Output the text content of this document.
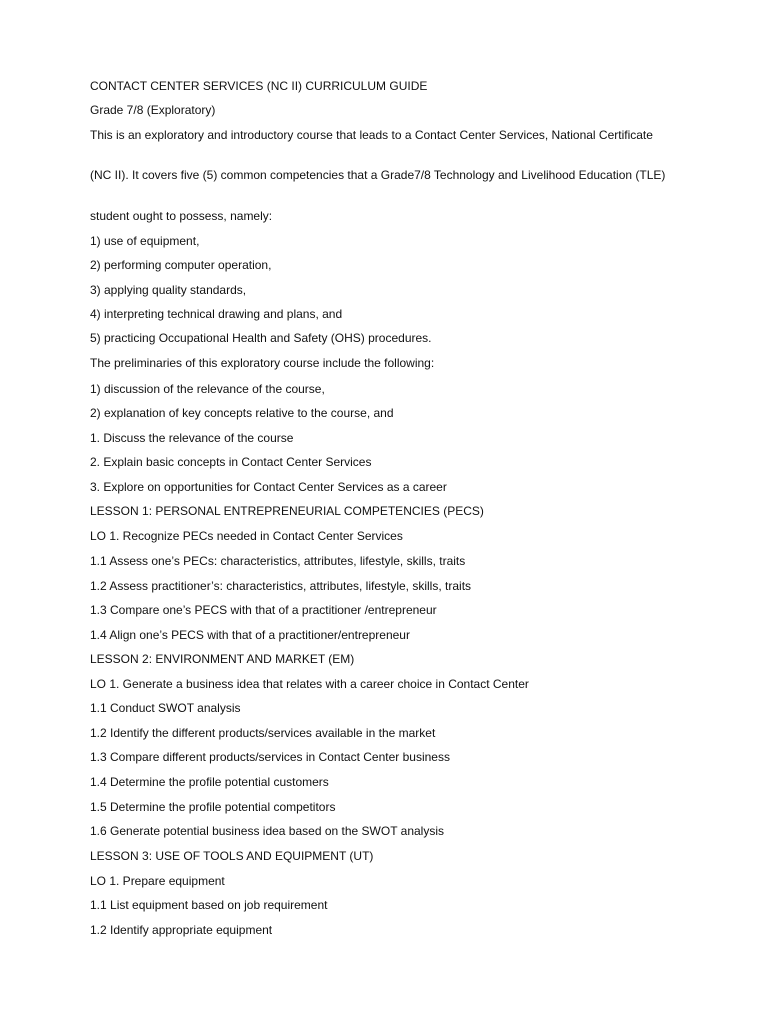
CONTACT CENTER SERVICES (NC II) CURRICULUM GUIDE

Grade 7/8 (Exploratory)

This is an exploratory and introductory course that leads to a Contact Center Services, National Certificate

(NC II). It covers five (5) common competencies that a Grade7/8 Technology and Livelihood Education (TLE)

student ought to possess, namely:

1) use of equipment,

2) performing computer operation,

3) applying quality standards,

4) interpreting technical drawing and plans, and

5) practicing Occupational Health and Safety (OHS) procedures.

The preliminaries of this exploratory course include the following:

1) discussion of the relevance of the course,

2) explanation of key concepts relative to the course, and

1. Discuss the relevance of the course

2. Explain basic concepts in Contact Center Services

3. Explore on opportunities for Contact Center Services as a career

LESSON 1: PERSONAL ENTREPRENEURIAL COMPETENCIES (PECS)

LO 1. Recognize PECs needed in Contact Center Services

1.1 Assess one’s PECs: characteristics, attributes, lifestyle, skills, traits

1.2 Assess practitioner’s: characteristics, attributes, lifestyle, skills, traits

1.3 Compare one’s PECS with that of a practitioner /entrepreneur

1.4 Align one’s PECS with that of a practitioner/entrepreneur

LESSON 2: ENVIRONMENT AND MARKET (EM)

LO 1. Generate a business idea that relates with a career choice in Contact Center

1.1 Conduct SWOT analysis

1.2 Identify the different products/services available in the market

1.3 Compare different products/services in Contact Center business

1.4 Determine the profile potential customers

1.5 Determine the profile potential competitors

1.6 Generate potential business idea based on the SWOT analysis

LESSON 3: USE OF TOOLS AND EQUIPMENT (UT)

LO 1. Prepare equipment

1.1 List equipment based on job requirement

1.2 Identify appropriate equipment
